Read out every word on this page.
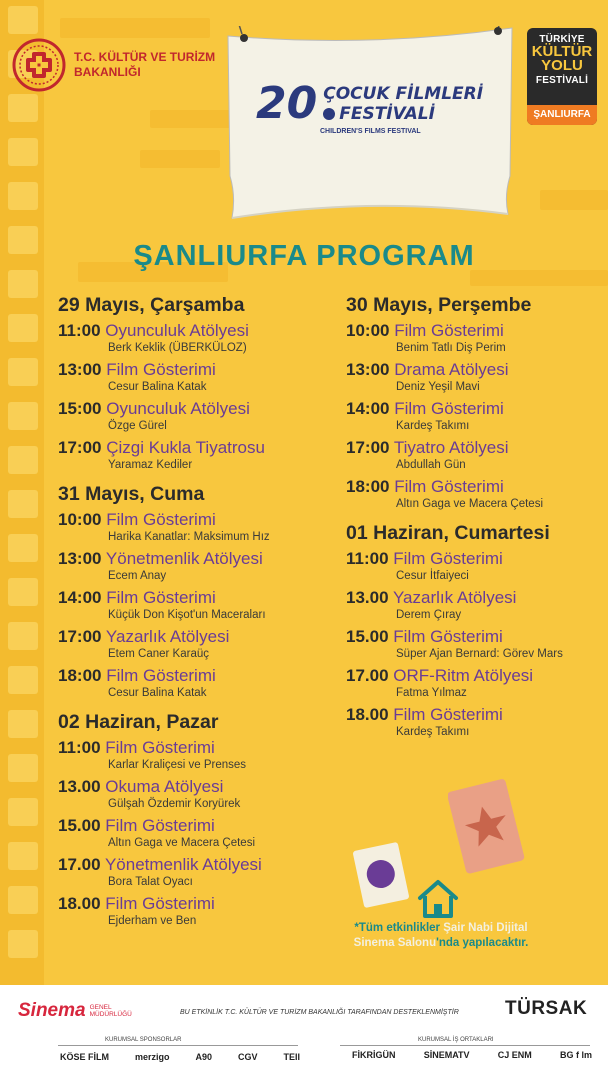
T.C. KÜLTÜR VE TURİZM
BAKANLIĞI
20 ÇOCUK FİLMLERİ
FESTİVALİ
CHILDREN'S FILMS FESTIVAL
TÜRKİYE
KÜLTÜR
YOLU
FESTİVALİ
ŞANLIURFA
ŞANLIURFA PROGRAM
29 Mayıs, Çarşamba
11:00 Oyunculuk Atölyesi
Berk Keklik (ÜBERKÜLOZ)
13:00 Film Gösterimi
Cesur Balina Katak
15:00 Oyunculuk Atölyesi
Özge Gürel
17:00 Çizgi Kukla Tiyatrosu
Yaramaz Kediler
31 Mayıs, Cuma
10:00 Film Gösterimi
Harika Kanatlar: Maksimum Hız
13:00 Yönetmenlik Atölyesi
Ecem Anay
14:00 Film Gösterimi
Küçük Don Kişot'un Maceraları
17:00 Yazarlık Atölyesi
Etem Caner Karaüç
18:00 Film Gösterimi
Cesur Balina Katak
02 Haziran, Pazar
11:00 Film Gösterimi
Karlar Kraliçesi ve Prenses
13.00 Okuma Atölyesi
Gülşah Özdemir Koryürek
15.00 Film Gösterimi
Altın Gaga ve Macera Çetesi
17.00 Yönetmenlik Atölyesi
Bora Talat Oyacı
18.00 Film Gösterimi
Ejderham ve Ben
30 Mayıs, Perşembe
10:00 Film Gösterimi
Benim Tatlı Diş Perim
13:00 Drama Atölyesi
Deniz Yeşil Mavi
14:00 Film Gösterimi
Kardeş Takımı
17:00 Tiyatro Atölyesi
Abdullah Gün
18:00 Film Gösterimi
Altın Gaga ve Macera Çetesi
01 Haziran, Cumartesi
11:00 Film Gösterimi
Cesur İtfaiyeci
13.00 Yazarlık Atölyesi
Derem Çıray
15.00 Film Gösterimi
Süper Ajan Bernard: Görev Mars
17.00 ORF-Ritm Atölyesi
Fatma Yılmaz
18.00 Film Gösterimi
Kardeş Takımı
*Tüm etkinlikler Şair Nabi Dijital Sinema Salonu'nda yapılacaktır.
Sinema GENEL
MÜDÜRLÜĞÜ	BU ETKİNLİK T.C. KÜLTÜR VE TURİZM BAKANLIĞI TARAFINDAN DESTEKLENMİŞTİR TÜRSAK
KURUMSAL SPONSORLAR	KURUMSAL İŞ ORTAKLARI
KÖSE FİLM	merzigo	A90	CGV	TEII	FİKRİGÜN	SİNEMATV	CJ ENM	BG f lm
